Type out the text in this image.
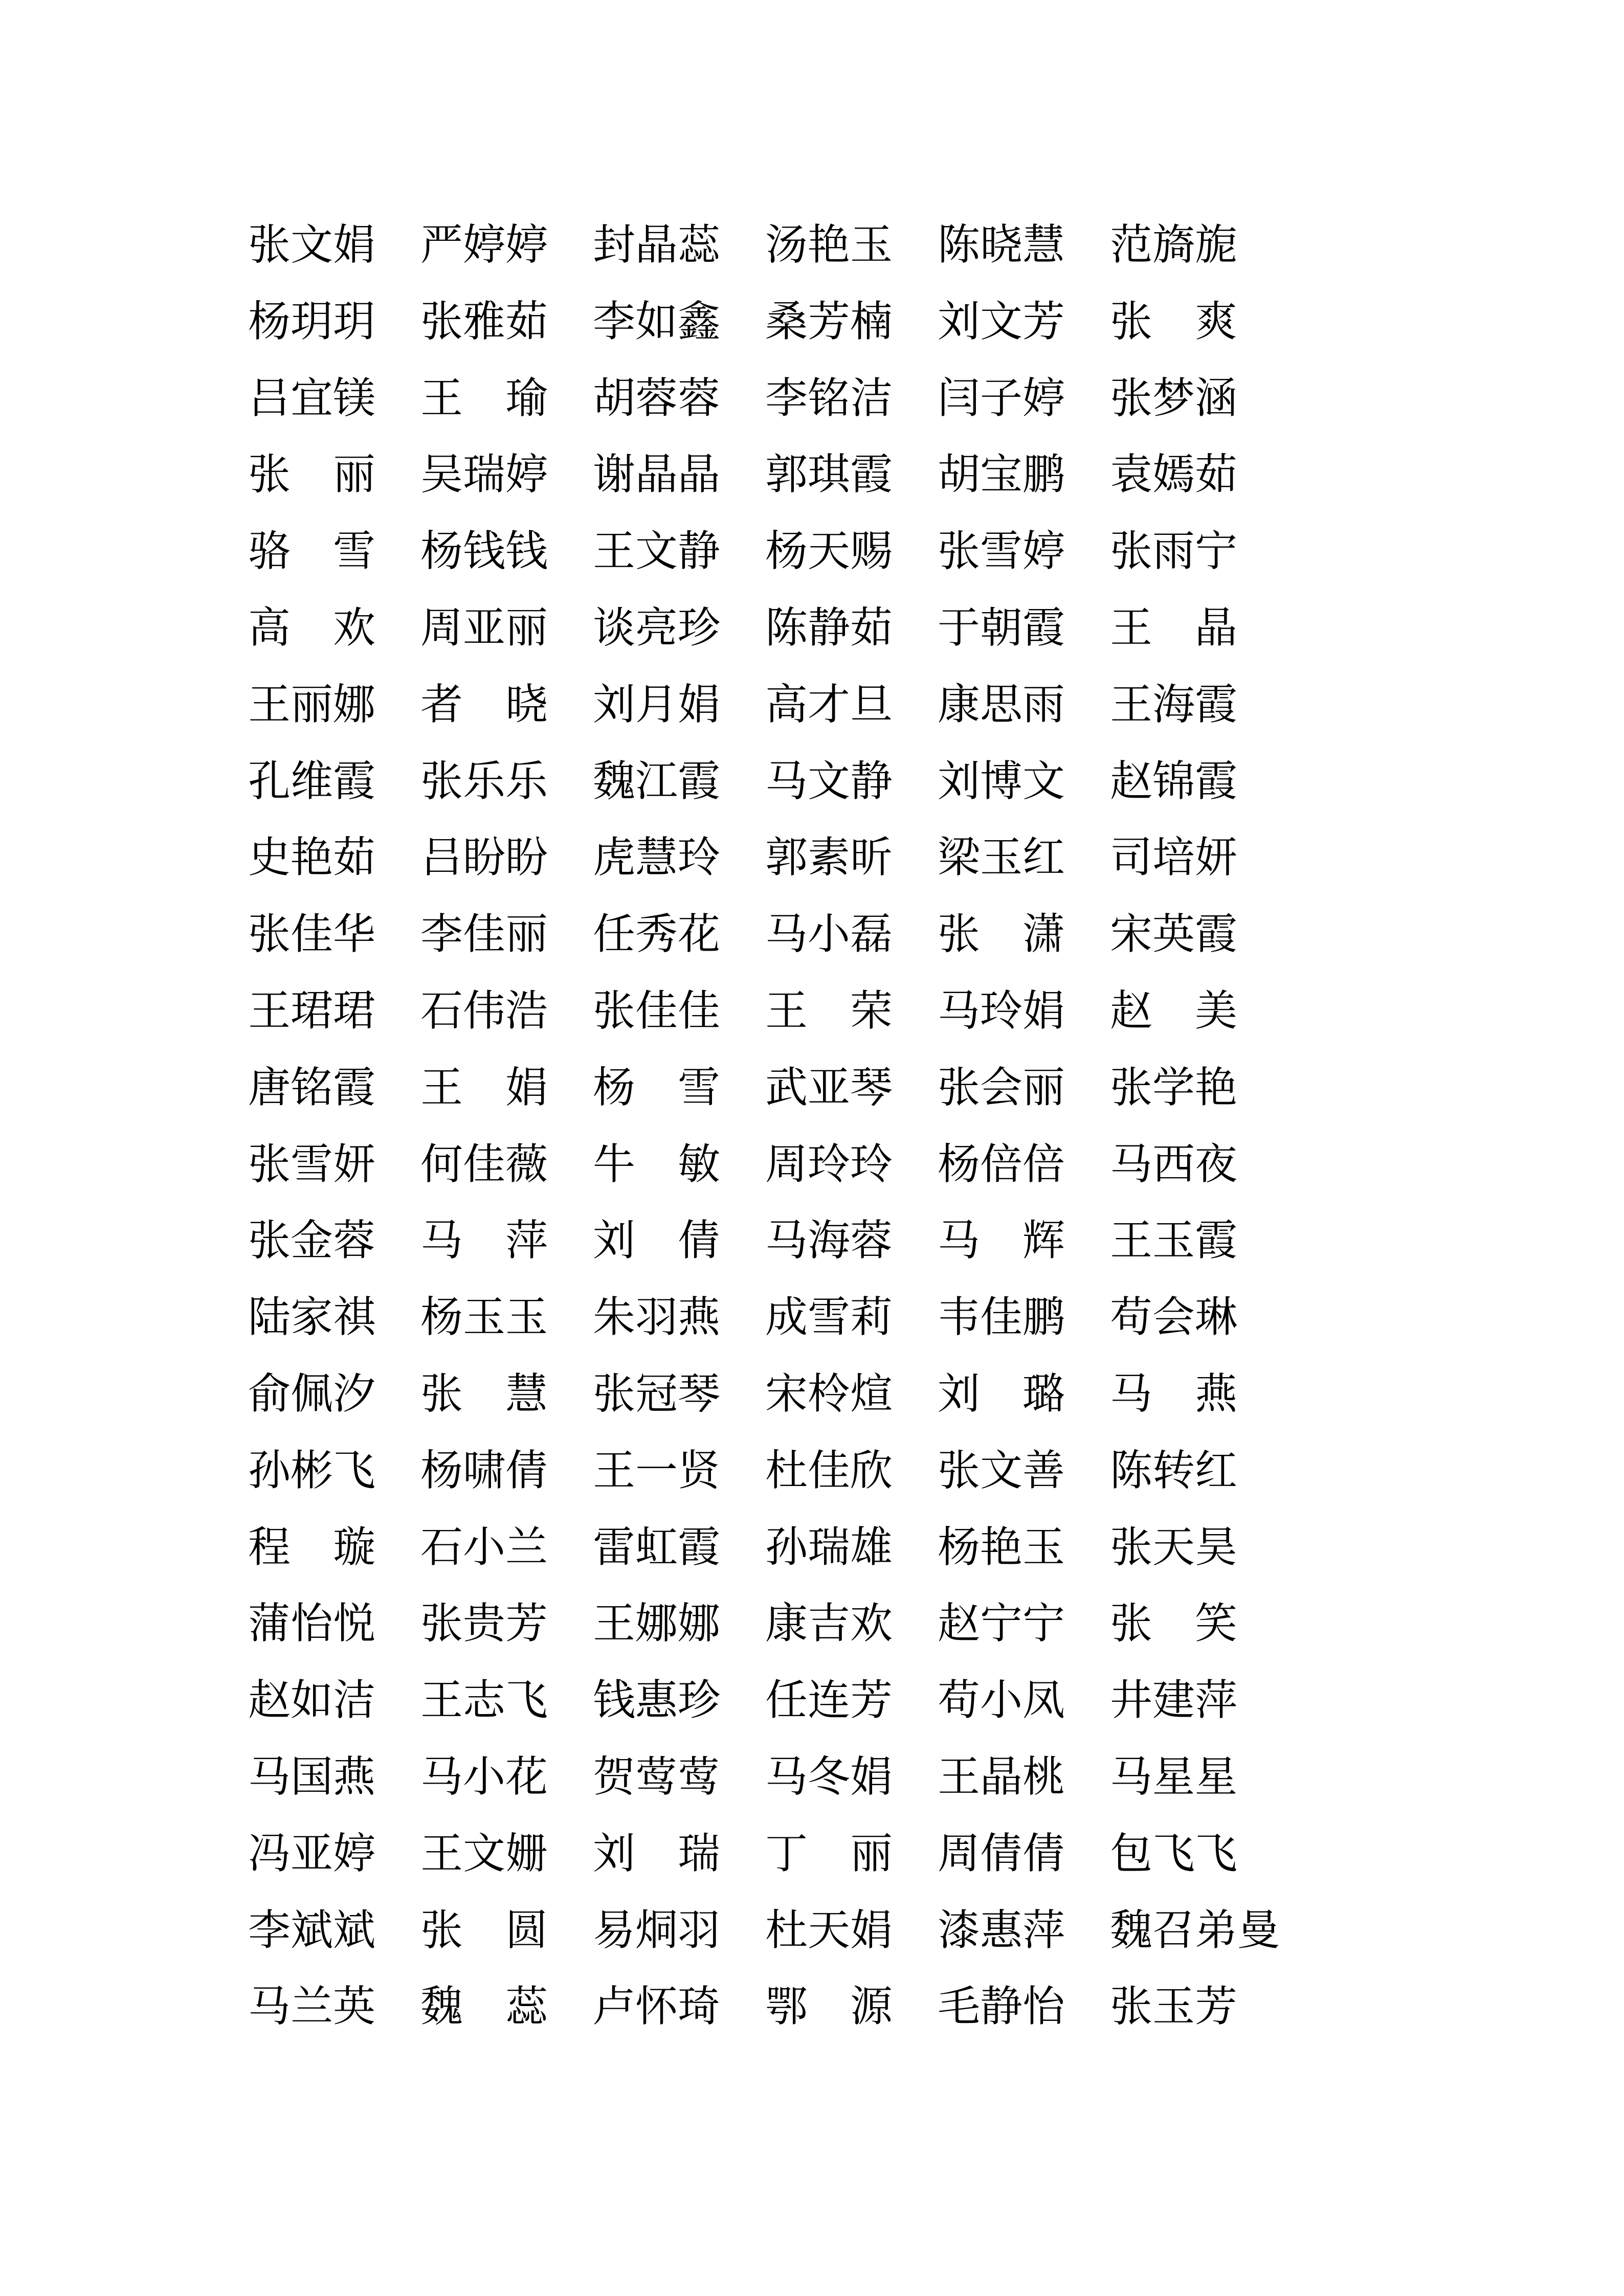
张文娟 严婷婷 封晶蕊 汤艳玉 陈晓慧 范旖旎
杨玥玥 张雅茹 李如鑫 桑芳楠 刘文芳 张 爽
吕宜镁 王 瑜 胡蓉蓉 李铭洁 闫子婷 张梦涵
张 丽 吴瑞婷 谢晶晶 郭琪霞 胡宝鹏 袁嫣茹
骆 雪 杨钱钱 王文静 杨天赐 张雪婷 张雨宁
高 欢 周亚丽 谈亮珍 陈静茹 于朝霞 王 晶
王丽娜 者 晓 刘月娟 高才旦 康思雨 王海霞
孔维霞 张乐乐 魏江霞 马文静 刘博文 赵锦霞
史艳茹 吕盼盼 虎慧玲 郭素昕 梁玉红 司培妍
张佳华 李佳丽 任秀花 马小磊 张 潇 宋英霞
王珺珺 石伟浩 张佳佳 王 荣 马玲娟 赵 美
唐铭霞 王 娟 杨 雪 武亚琴 张会丽 张学艳
张雪妍 何佳薇 牛 敏 周玲玲 杨倍倍 马西夜
张金蓉 马 萍 刘 倩 马海蓉 马 辉 王玉霞
陆家祺 杨玉玉 朱羽燕 成雪莉 韦佳鹏 苟会琳
俞佩汐 张 慧 张冠琴 宋柃煊 刘 璐 马 燕
孙彬飞 杨啸倩 王一贤 杜佳欣 张文善 陈转红
程 璇 石小兰 雷虹霞 孙瑞雄 杨艳玉 张天昊
蒲怡悦 张贵芳 王娜娜 康吉欢 赵宁宁 张 笑
赵如洁 王志飞 钱惠珍 任连芳 苟小凤 井建萍
马国燕 马小花 贺莺莺 马冬娟 王晶桃 马星星
冯亚婷 王文姗 刘 瑞 丁 丽 周倩倩 包飞飞
李斌斌 张 圆 易烔羽 杜天娟 漆惠萍 魏召弟曼
马兰英 魏 蕊 卢怀琦 鄂 源 毛静怡 张玉芳
